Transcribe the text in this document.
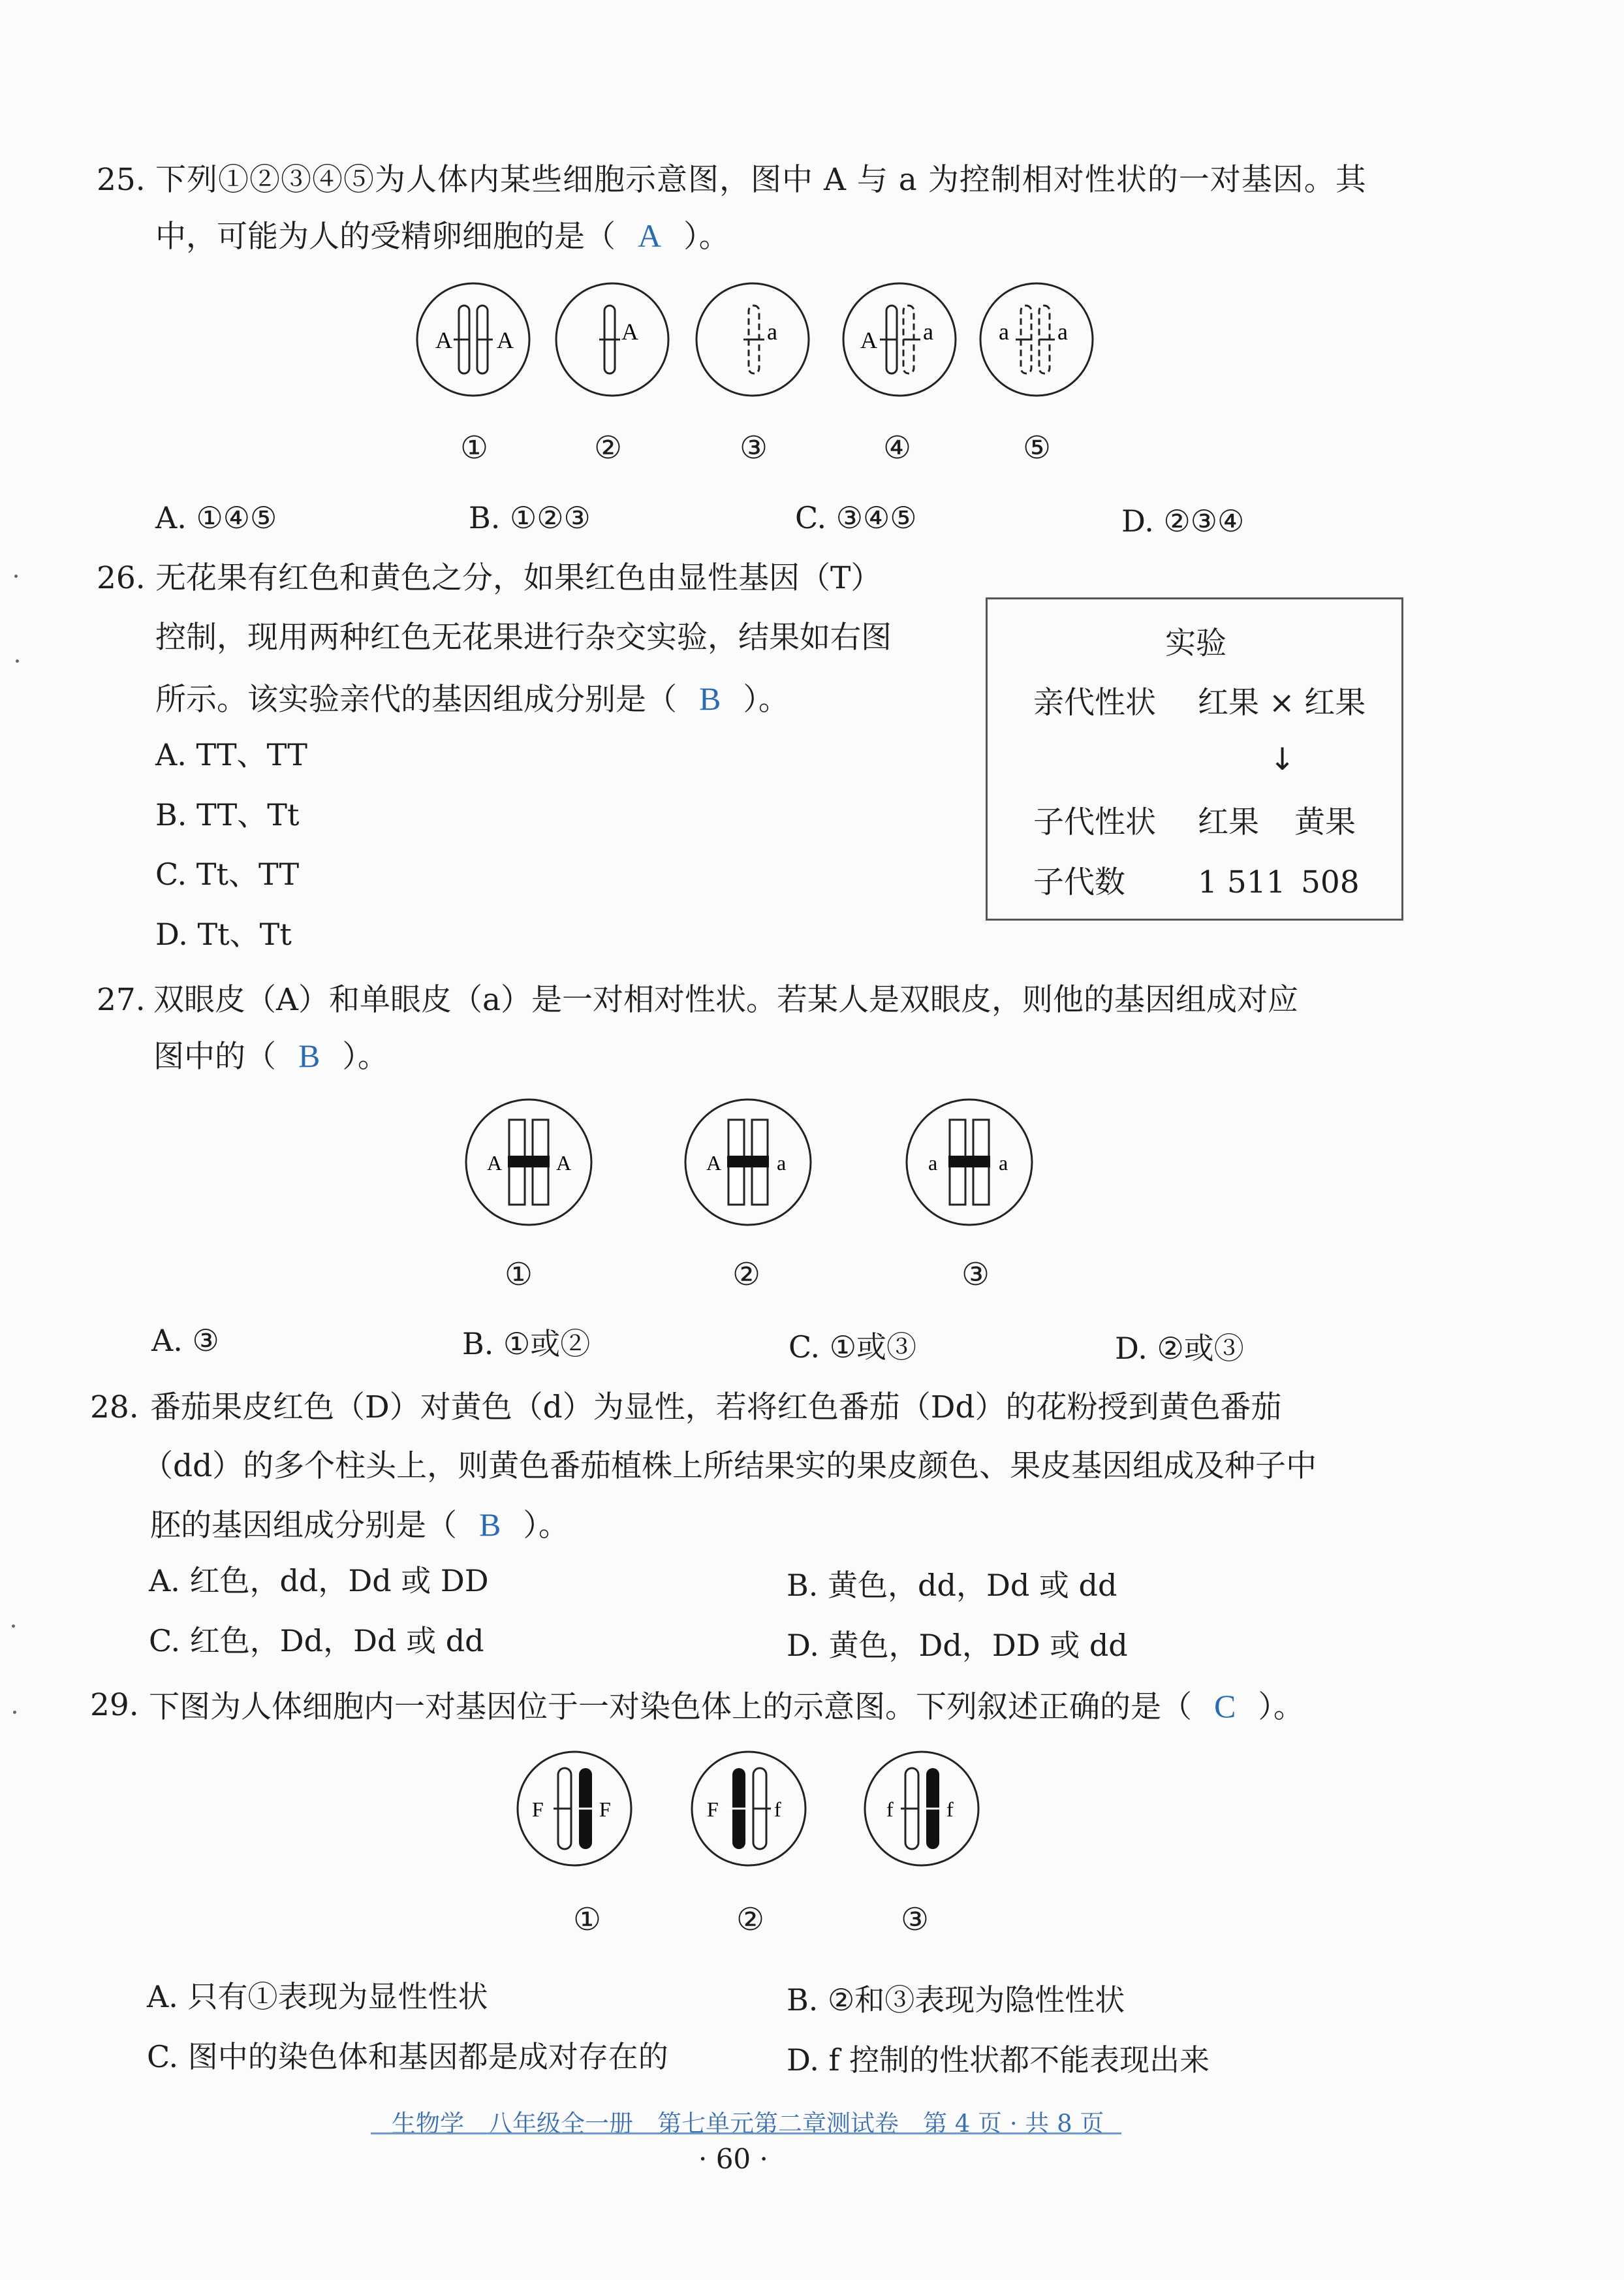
25. 下列①②③④⑤为人体内某些细胞示意图，图中 A 与 a 为控制相对性状的一对基因。其
中，可能为人的受精卵细胞的是（ A ）。
A A	A	a	A a	a a
①	②	③	④	⑤
A. ①④⑤	B. ①②③	C. ③④⑤	D. ②③④
26. 无花果有红色和黄色之分，如果红色由显性基因（T）
控制，现用两种红色无花果进行杂交实验，结果如右图
所示。该实验亲代的基因组成分别是（ B ）。
A. TT、TT
B. TT、Tt
C. Tt、TT
D. Tt、Tt
实验
亲代性状 红果 × 红果
↓
子代性状 红果 黄果
子代数 1 511 508
27. 双眼皮（A）和单眼皮（a）是一对相对性状。若某人是双眼皮，则他的基因组成对应
图中的（ B ）。
A	A	A	a	a	a
①	②	③
A. ③	B. ①或②	C. ①或③	D. ②或③
28. 番茄果皮红色（D）对黄色（d）为显性，若将红色番茄（Dd）的花粉授到黄色番茄
（dd）的多个柱头上，则黄色番茄植株上所结果实的果皮颜色、果皮基因组成及种子中
胚的基因组成分别是（ B ）。
A. 红色，dd，Dd 或 DD	B. 黄色，dd，Dd 或 dd
C. 红色，Dd，Dd 或 dd	D. 黄色，Dd，DD 或 dd
29. 下图为人体细胞内一对基因位于一对染色体上的示意图。下列叙述正确的是（ C ）。
F	F	F	f	f	f
①	②	③
A. 只有①表现为显性性状	B. ②和③表现为隐性性状
C. 图中的染色体和基因都是成对存在的	D. f 控制的性状都不能表现出来
生物学　八年级全一册　第七单元第二章测试卷　第 4 页 · 共 8 页
· 60 ·
